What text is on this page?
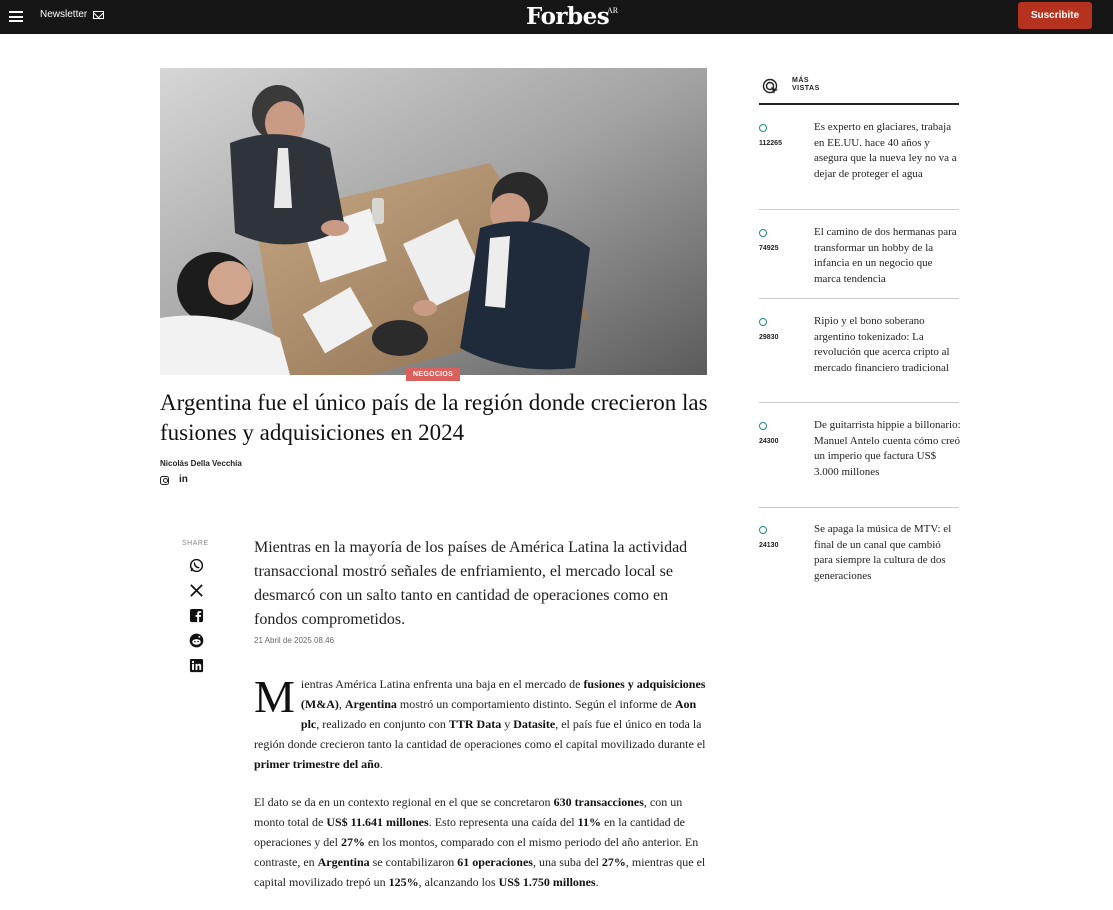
Newsletter	Forbes
AR	Suscribite
NEGOCIOS
Argentina fue el único país de la región donde crecieron las fusiones y adquisiciones en 2024
Nicolás Della Vecchia
in
SHARE	Mientras en la mayoría de los países de América Latina la actividad transaccional mostró señales de enfriamiento, el mercado local se desmarcó con un salto tanto en cantidad de operaciones como en fondos comprometidos.

21 Abril de 2025 08.46

Mientras América Latina enfrenta una baja en el mercado de fusiones y adquisiciones (M&A), Argentina mostró un comportamiento distinto. Según el informe de Aon plc, realizado en conjunto con TTR Data y Datasite, el país fue el único en toda la región donde crecieron tanto la cantidad de operaciones como el capital movilizado durante el primer trimestre del año.

El dato se da en un contexto regional en el que se concretaron 630 transacciones, con un monto total de US$ 11.641 millones. Esto representa una caída del 11% en la cantidad de operaciones y del 27% en los montos, comparado con el mismo periodo del año anterior. En contraste, en Argentina se contabilizaron 61 operaciones, una suba del 27%, mientras que el capital movilizado trepó un 125%, alcanzando los US$ 1.750 millones.

MÁS
VISTAS
112265
Es experto en glaciares, trabaja en EE.UU. hace 40 años y asegura que la nueva ley no va a dejar de proteger el agua
74925
El camino de dos hermanas para transformar un hobby de la infancia en un negocio que marca tendencia
29830
Ripio y el bono soberano argentino tokenizado: La revolución que acerca cripto al mercado financiero tradicional
24300
De guitarrista hippie a billonario: Manuel Antelo cuenta cómo creó un imperio que factura US$ 3.000 millones
24130
Se apaga la música de MTV: el final de un canal que cambió para siempre la cultura de dos generaciones
